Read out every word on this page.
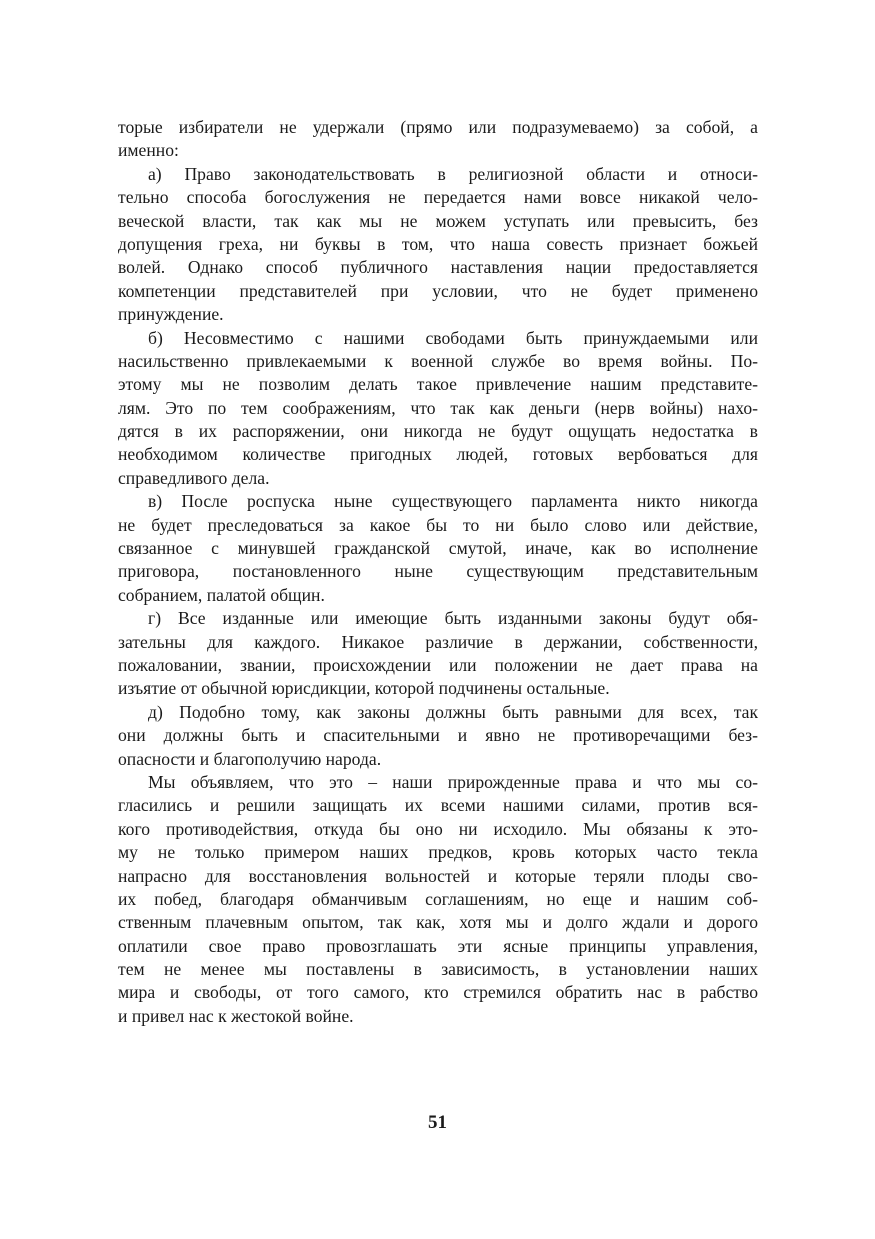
торые избиратели не удержали (прямо или подразумеваемо) за собой, а
именно:
а) Право законодательствовать в религиозной области и относи-
тельно способа богослужения не передается нами вовсе никакой чело-
веческой власти, так как мы не можем уступать или превысить, без
допущения греха, ни буквы в том, что наша совесть признает божьей
волей. Однако способ публичного наставления нации предоставляется
компетенции представителей при условии, что не будет применено
принуждение.
б) Несовместимо с нашими свободами быть принуждаемыми или
насильственно привлекаемыми к военной службе во время войны. По-
этому мы не позволим делать такое привлечение нашим представите-
лям. Это по тем соображениям, что так как деньги (нерв войны) нахо-
дятся в их распоряжении, они никогда не будут ощущать недостатка в
необходимом количестве пригодных людей, готовых вербоваться для
справедливого дела.
в) После роспуска ныне существующего парламента никто никогда
не будет преследоваться за какое бы то ни было слово или действие,
связанное с минувшей гражданской смутой, иначе, как во исполнение
приговора, постановленного ныне существующим представительным
собранием, палатой общин.
г) Все изданные или имеющие быть изданными законы будут обя-
зательны для каждого. Никакое различие в держании, собственности,
пожаловании, звании, происхождении или положении не дает права на
изъятие от обычной юрисдикции, которой подчинены остальные.
д) Подобно тому, как законы должны быть равными для всех, так
они должны быть и спасительными и явно не противоречащими без-
опасности и благополучию народа.
Мы объявляем, что это – наши прирожденные права и что мы со-
гласились и решили защищать их всеми нашими силами, против вся-
кого противодействия, откуда бы оно ни исходило. Мы обязаны к это-
му не только примером наших предков, кровь которых часто текла
напрасно для восстановления вольностей и которые теряли плоды сво-
их побед, благодаря обманчивым соглашениям, но еще и нашим соб-
ственным плачевным опытом, так как, хотя мы и долго ждали и дорого
оплатили свое право провозглашать эти ясные принципы управления,
тем не менее мы поставлены в зависимость, в установлении наших
мира и свободы, от того самого, кто стремился обратить нас в рабство
и привел нас к жестокой войне.
51
